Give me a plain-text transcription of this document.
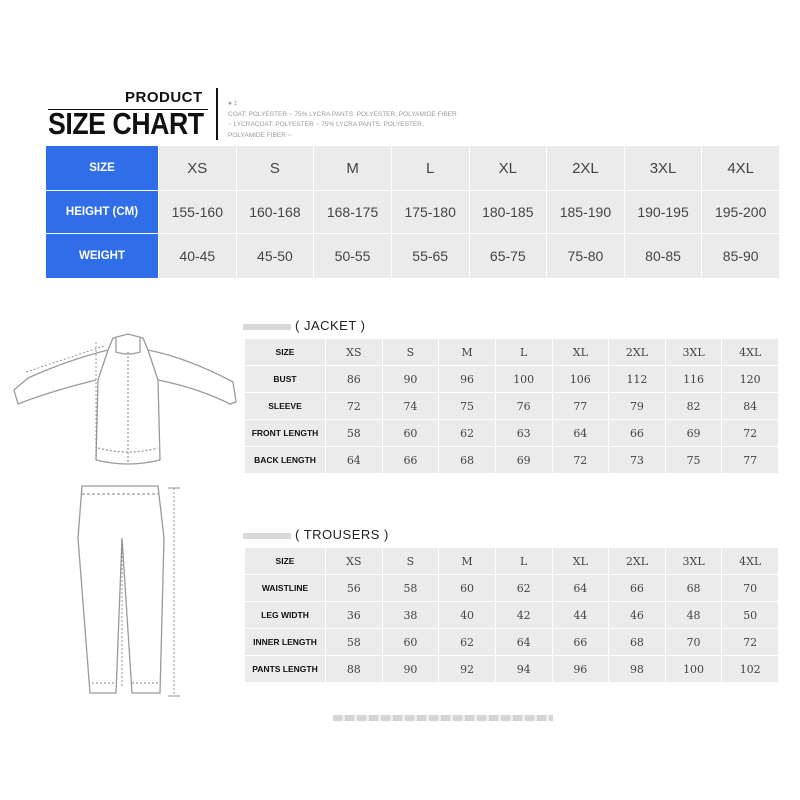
PRODUCT
SIZE CHART
● ‡
COAT: POLYESTER ~ 75% LYCRA PANTS: POLYESTER, POLYAMIDE FIBER
~ LYCRACOAT: POLYESTER ~ 75% LYCRA PANTS: POLYESTER,
POLYAMIDE FIBER ~
SIZE	XS	S	M	L	XL	2XL	3XL	4XL
HEIGHT (CM)	155-160	160-168	168-175	175-180	180-185	185-190	190-195	195-200
WEIGHT	40-45	45-50	50-55	55-65	65-75	75-80	80-85	85-90
( JACKET )
SIZE	XS	S	M	L	XL	2XL	3XL	4XL
BUST	86	90	96	100	106	112	116	120
SLEEVE	72	74	75	76	77	79	82	84
FRONT LENGTH	58	60	62	63	64	66	69	72
BACK LENGTH	64	66	68	69	72	73	75	77
( TROUSERS )
SIZE	XS	S	M	L	XL	2XL	3XL	4XL
WAISTLINE	56	58	60	62	64	66	68	70
LEG WIDTH	36	38	40	42	44	46	48	50
INNER LENGTH	58	60	62	64	66	68	70	72
PANTS LENGTH	88	90	92	94	96	98	100	102
